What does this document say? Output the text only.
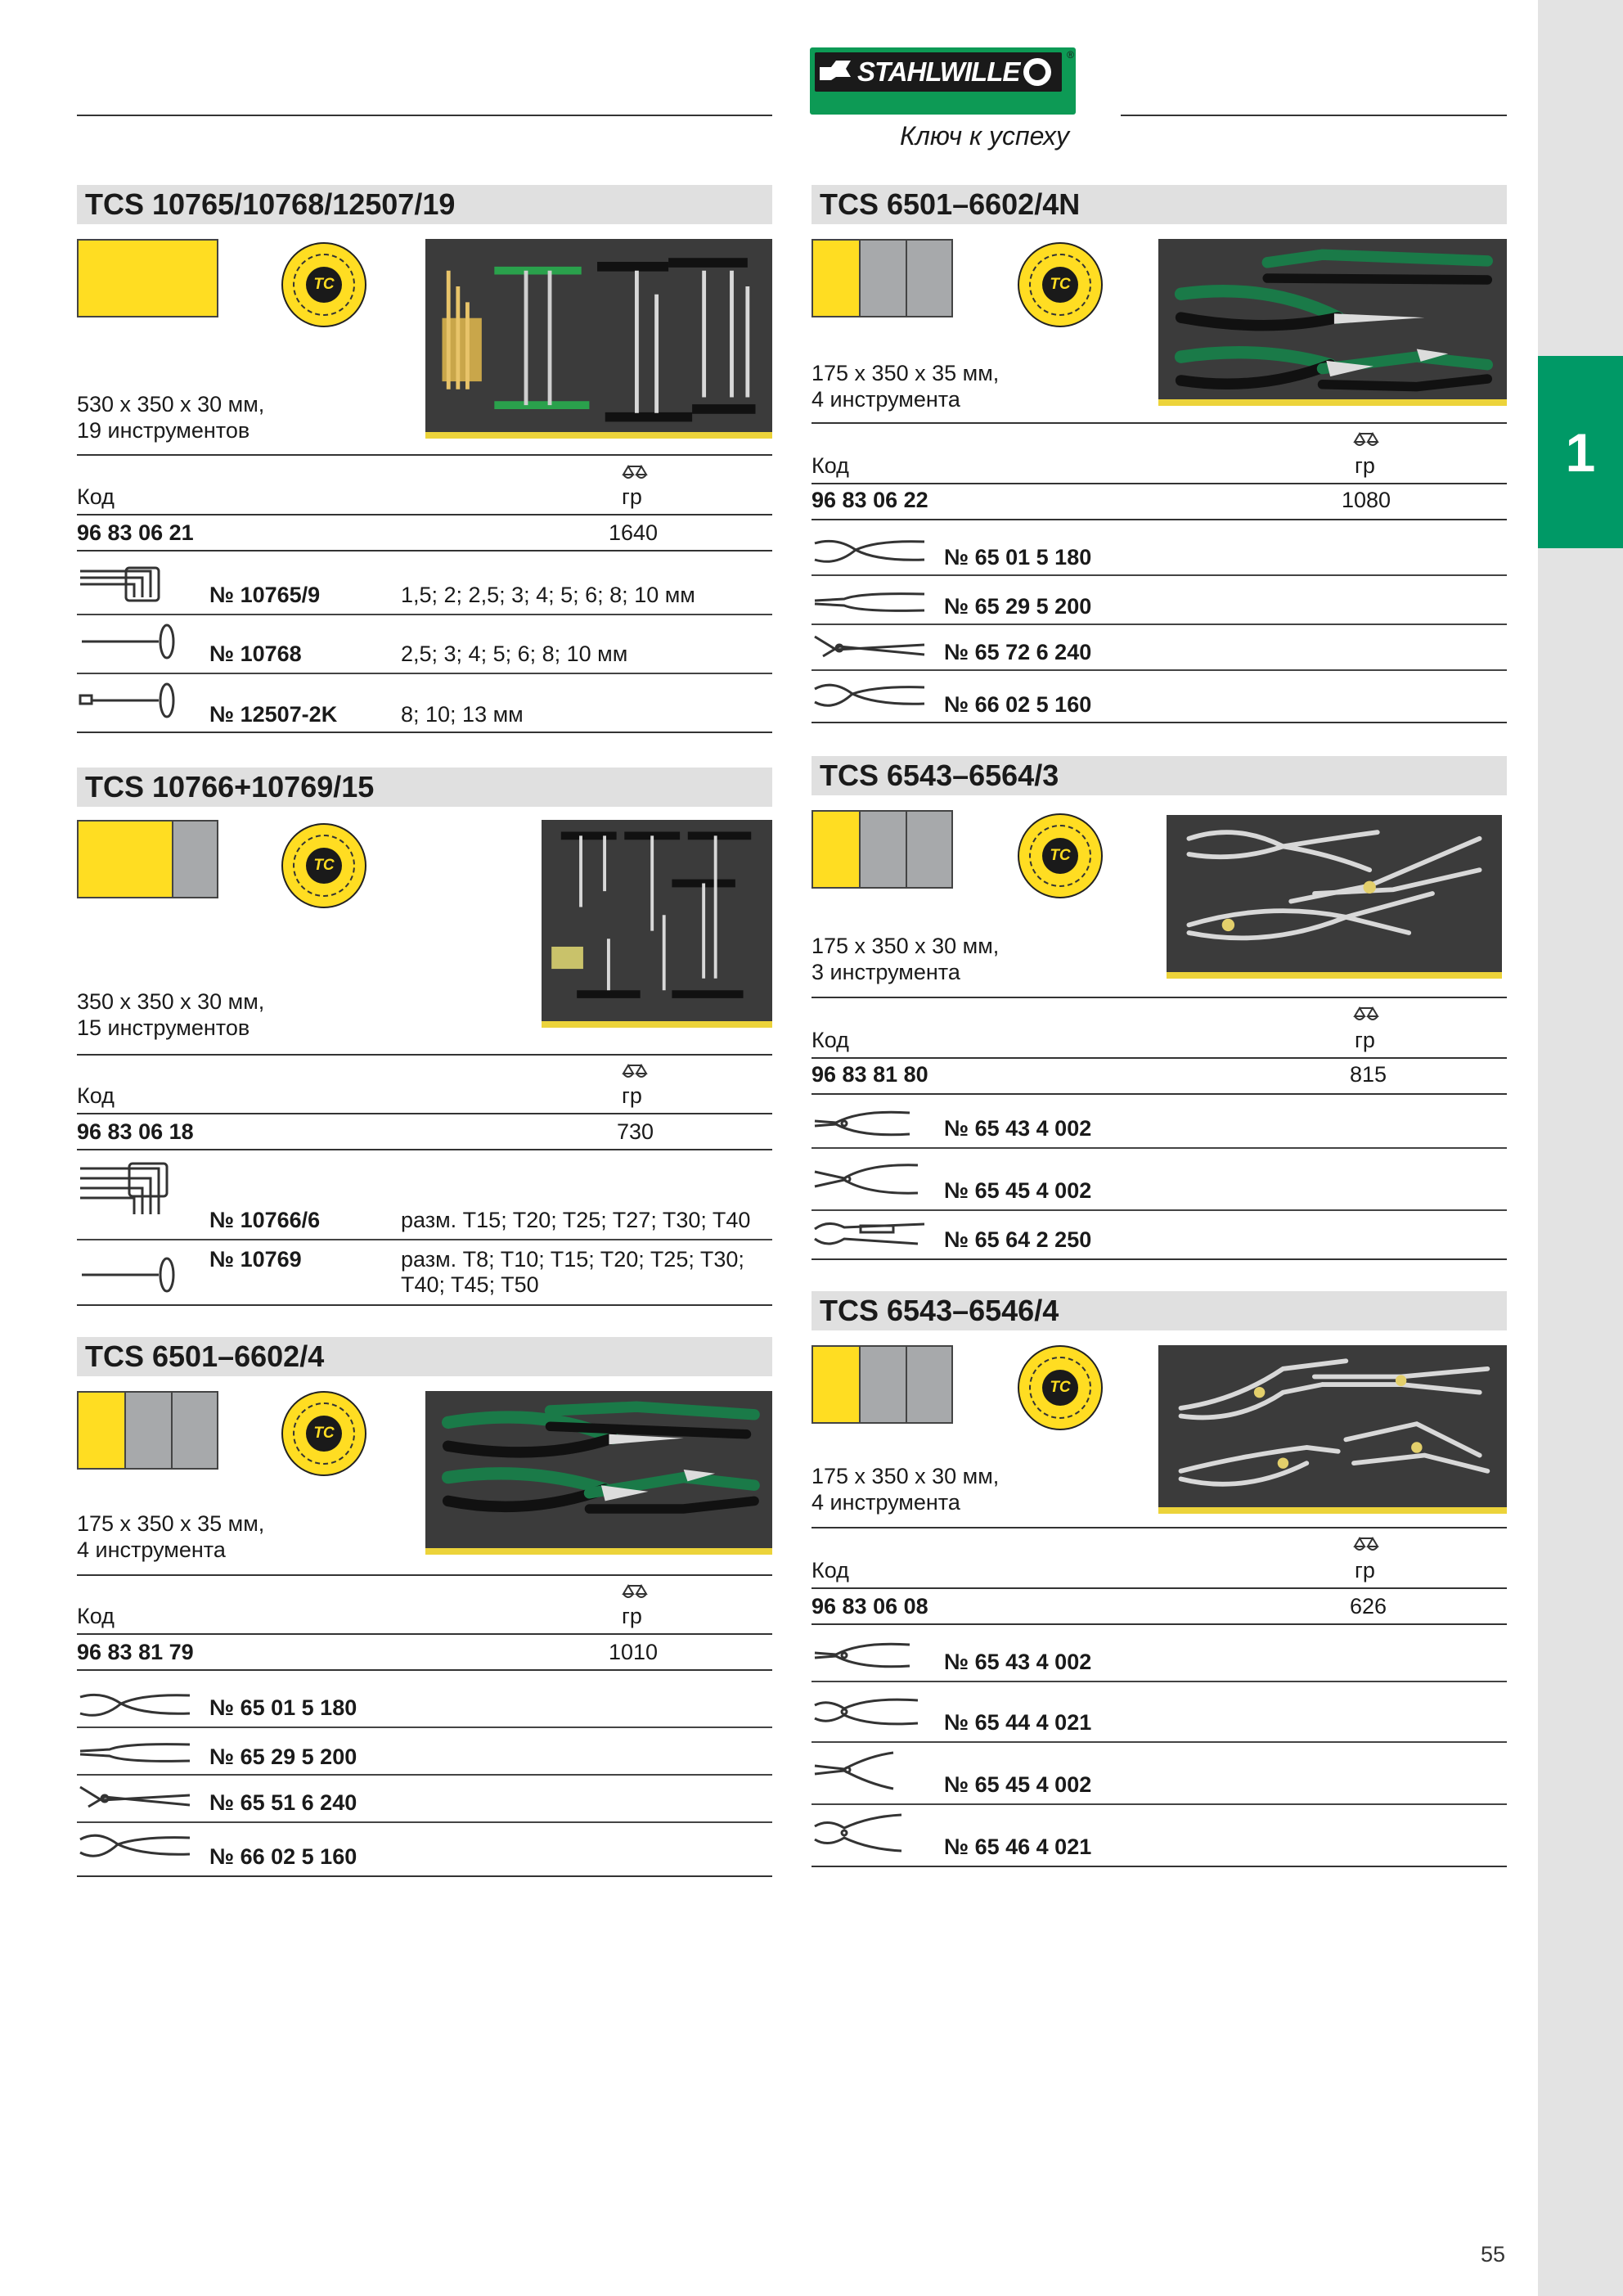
1
STAHLWILLE
®
Ключ к успеху
TCS 10765/10768/12507/19
TC
530 x 350 x 30 мм,
19 инструментов
Код	гр
96 83 06 21	1640
№ 10765/9	1,5; 2; 2,5; 3; 4; 5; 6; 8; 10 мм
№ 10768	2,5; 3; 4; 5; 6; 8; 10 мм
№ 12507-2K	8; 10; 13 мм
TCS 10766+10769/15
TC
350 x 350 x 30 мм,
15 инструментов
Код	гр
96 83 06 18	730
№ 10766/6	разм. T15; T20; T25; T27; T30; T40
№ 10769	разм. T8; T10; T15; T20; T25; T30;
T40; T45; T50
TCS 6501–6602/4
TC
175 x 350 x 35 мм,
4 инструмента
Код	гр
96 83 81 79	1010
№ 65 01 5 180
№ 65 29 5 200
№ 65 51 6 240
№ 66 02 5 160
TCS 6501–6602/4N
TC
175 x 350 x 35 мм,
4 инструмента
Код	гр
96 83 06 22	1080
№ 65 01 5 180
№ 65 29 5 200
№ 65 72 6 240
№ 66 02 5 160
TCS 6543–6564/3
TC
175 x 350 x 30 мм,
3 инструмента
Код	гр
96 83 81 80	815
№ 65 43 4 002
№ 65 45 4 002
№ 65 64 2 250
TCS 6543–6546/4
TC
175 x 350 x 30 мм,
4 инструмента
Код	гр
96 83 06 08	626
№ 65 43 4 002
№ 65 44 4 021
№ 65 45 4 002
№ 65 46 4 021
55
